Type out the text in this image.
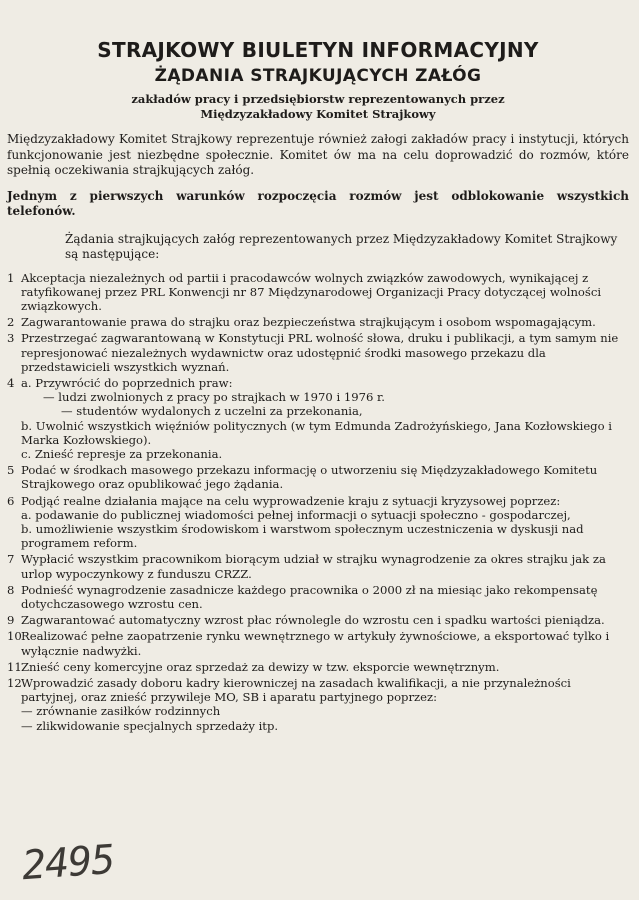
STRAJKOWY BIULETYN INFORMACYJNY
ŻĄDANIA STRAJKUJĄCYCH ZAŁÓG
zakładów pracy i przedsiębiorstw reprezentowanych przez
Międzyzakładowy Komitet Strajkowy
Międzyzakładowy Komitet Strajkowy reprezentuje również załogi zakładów pracy i instytucji, których funkcjonowanie jest niezbędne społecznie. Komitet ów ma na celu doprowadzić do rozmów, które spełnią oczekiwania strajkujących załóg.
Jednym z pierwszych warunków rozpoczęcia rozmów jest odblokowanie wszystkich telefonów.
Żądania strajkujących załóg reprezentowanych przez Międzyzakładowy Komitet Strajkowy są następujące:
1 Akceptacja niezależnych od partii i pracodawców wolnych związków zawodowych, wynikającej z ratyfikowanej przez PRL Konwencji nr 87 Międzynarodowej Organizacji Pracy dotyczącej wolności związkowych.
2 Zagwarantowanie prawa do strajku oraz bezpieczeństwa strajkującym i osobom wspomagającym.
3 Przestrzegać zagwarantowaną w Konstytucji PRL wolność słowa, druku i publikacji, a tym samym nie represjonować niezależnych wydawnictw oraz udostępnić środki masowego przekazu dla przedstawicieli wszystkich wyznań.
4 a. Przywrócić do poprzednich praw:
— ludzi zwolnionych z pracy po strajkach w 1970 i 1976 r.
— studentów wydalonych z uczelni za przekonania,
b. Uwolnić wszystkich więźniów politycznych (w tym Edmunda Zadrożyńskiego, Jana Kozłowskiego i Marka Kozłowskiego).
c. Znieść represje za przekonania.
5 Podać w środkach masowego przekazu informację o utworzeniu się Międzyzakładowego Komitetu Strajkowego oraz opublikować jego żądania.
6 Podjąć realne działania mające na celu wyprowadzenie kraju z sytuacji kryzysowej poprzez:
a. podawanie do publicznej wiadomości pełnej informacji o sytuacji społeczno - gospodarczej,
b. umożliwienie wszystkim środowiskom i warstwom społecznym uczestniczenia w dyskusji nad programem reform.
7 Wypłacić wszystkim pracownikom biorącym udział w strajku wynagrodzenie za okres strajku jak za urlop wypoczynkowy z funduszu CRZZ.
8 Podnieść wynagrodzenie zasadnicze każdego pracownika o 2000 zł na miesiąc jako rekompensatę dotychczasowego wzrostu cen.
9 Zagwarantować automatyczny wzrost płac równolegle do wzrostu cen i spadku wartości pieniądza.
10 Realizować pełne zaopatrzenie rynku wewnętrznego w artykuły żywnościowe, a eksportować tylko i wyłącznie nadwyżki.
11 Znieść ceny komercyjne oraz sprzedaż za dewizy w tzw. eksporcie wewnętrznym.
12 Wprowadzić zasady doboru kadry kierowniczej na zasadach kwalifikacji, a nie przynależności partyjnej, oraz znieść przywileje MO, SB i aparatu partyjnego poprzez:
— zrównanie zasiłków rodzinnych
— zlikwidowanie specjalnych sprzedaży itp.
2495
